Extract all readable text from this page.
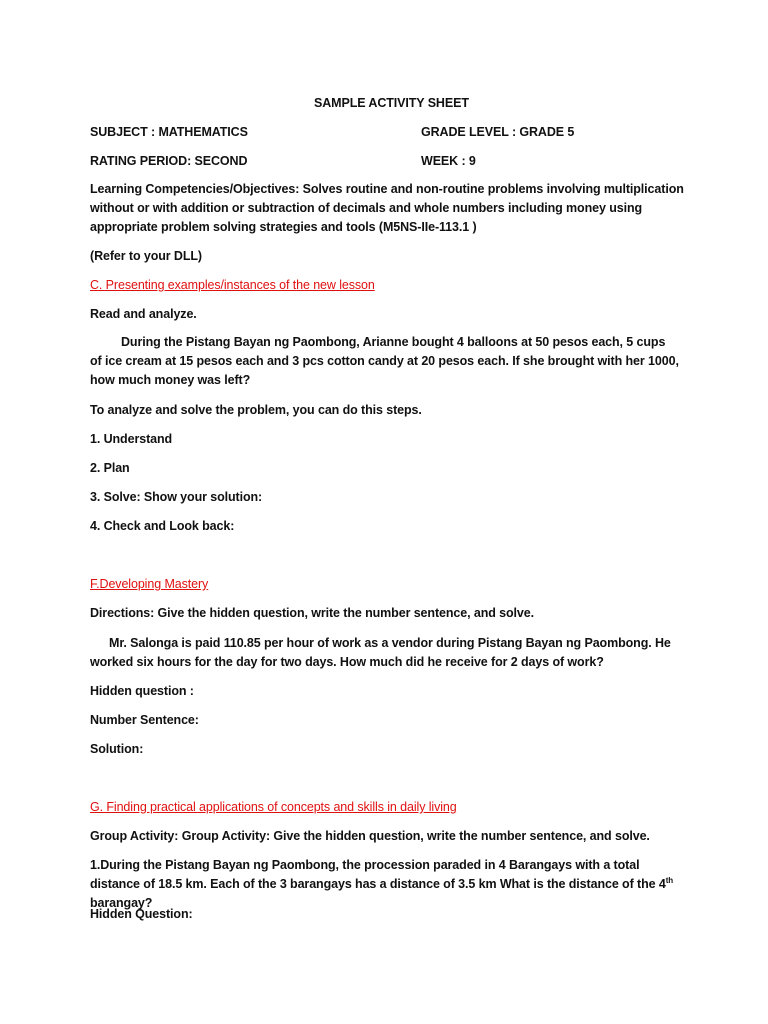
SAMPLE ACTIVITY SHEET
SUBJECT : MATHEMATICS	GRADE LEVEL : GRADE 5
RATING PERIOD: SECOND	WEEK : 9
Learning Competencies/Objectives: Solves routine and non-routine problems involving multiplication without or with addition or subtraction of decimals and whole numbers including money using appropriate problem solving strategies and tools (M5NS-IIe-113.1 )
(Refer to your DLL)
C. Presenting examples/instances of the new lesson
Read and analyze.
During the Pistang Bayan ng Paombong, Arianne bought 4 balloons at 50 pesos each, 5 cups of ice cream at 15 pesos each and 3 pcs cotton candy at 20 pesos each. If she brought with her 1000, how much money was left?
To analyze and solve the problem, you can do this steps.
1. Understand
2. Plan
3. Solve: Show your solution:
4. Check and Look back:
F.Developing Mastery
Directions: Give the hidden question, write the number sentence, and solve.
Mr. Salonga is paid 110.85 per hour of work as a vendor during Pistang Bayan ng Paombong. He worked six hours for the day for two days. How much did he receive for 2 days of work?
Hidden question :
Number Sentence:
Solution:
G. Finding practical applications of concepts and skills in daily living
Group Activity: Group Activity: Give the hidden question, write the number sentence, and solve.
1.During the Pistang Bayan ng Paombong, the procession paraded in 4 Barangays with a total distance of 18.5 km. Each of the 3 barangays has a distance of 3.5 km What is the distance of the 4th barangay?
Hidden Question:
